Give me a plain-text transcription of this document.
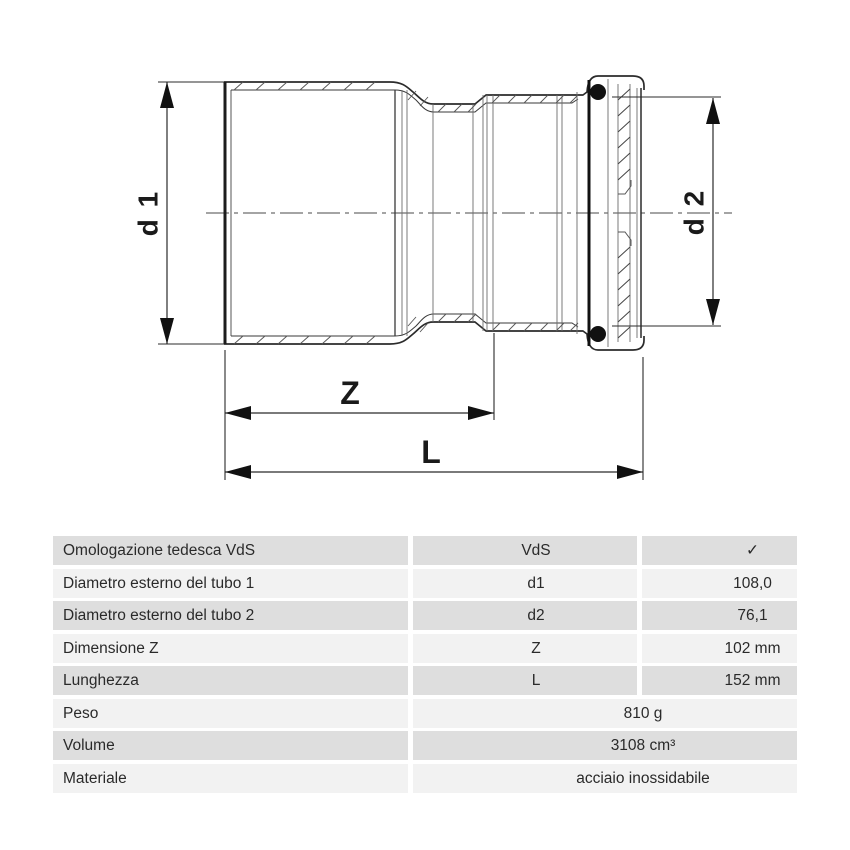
d 1	d 2
Z
L
Omologazione tedesca VdS	VdS	✓
Diametro esterno del tubo 1	d1	108,0
Diametro esterno del tubo 2	d2	76,1
Dimensione Z	Z	102 mm
Lunghezza	L	152 mm
Peso	810 g
Volume	3108 cm³
Materiale	acciaio inossidabile
